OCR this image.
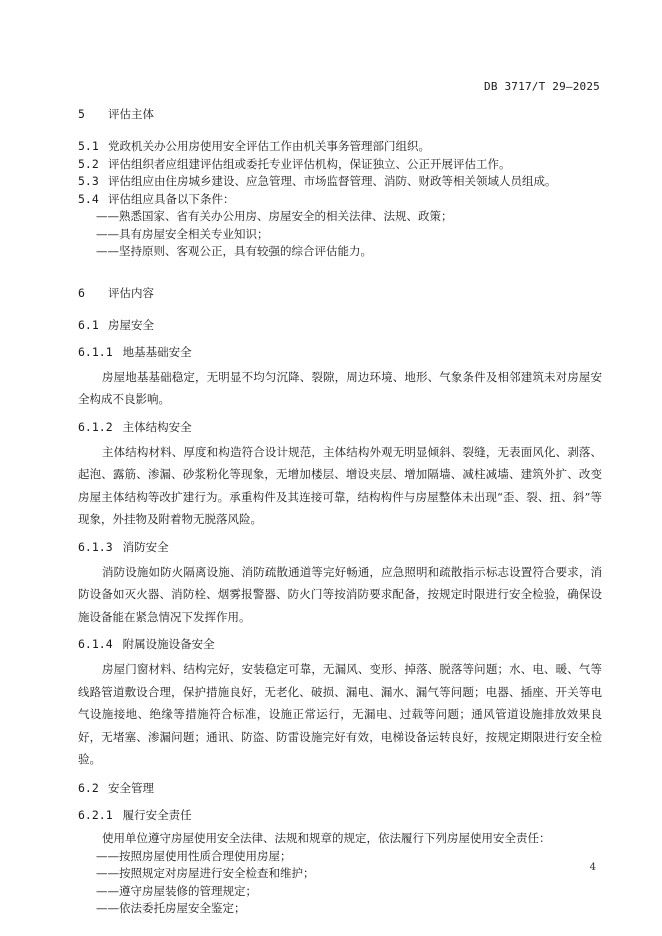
DB 3717/T 29—2025
5 评估主体
5.1 党政机关办公用房使用安全评估工作由机关事务管理部门组织。
5.2 评估组织者应组建评估组或委托专业评估机构，保证独立、公正开展评估工作。
5.3 评估组应由住房城乡建设、应急管理、市场监督管理、消防、财政等相关领域人员组成。
5.4 评估组应具备以下条件：
——熟悉国家、省有关办公用房、房屋安全的相关法律、法规、政策；
——具有房屋安全相关专业知识；
——坚持原则、客观公正，具有较强的综合评估能力。
6 评估内容
6.1 房屋安全
6.1.1 地基基础安全

房屋地基基础稳定，无明显不均匀沉降、裂隙，周边环境、地形、气象条件及相邻建筑未对房屋安全构成不良影响。

6.1.2 主体结构安全

主体结构材料、厚度和构造符合设计规范，主体结构外观无明显倾斜、裂缝，无表面风化、剥落、起泡、露筋、渗漏、砂浆粉化等现象，无增加楼层、增设夹层、增加隔墙、减柱减墙、建筑外扩、改变房屋主体结构等改扩建行为。承重构件及其连接可靠，结构构件与房屋整体未出现“歪、裂、扭、斜”等现象，外挂物及附着物无脱落风险。

6.1.3 消防安全

消防设施如防火隔离设施、消防疏散通道等完好畅通，应急照明和疏散指示标志设置符合要求，消防设备如灭火器、消防栓、烟雾报警器、防火门等按消防要求配备，按规定时限进行安全检验，确保设施设备能在紧急情况下发挥作用。

6.1.4 附属设施设备安全

房屋门窗材料、结构完好，安装稳定可靠，无漏风、变形、掉落、脱落等问题；水、电、暖、气等线路管道敷设合理，保护措施良好，无老化、破损、漏电、漏水、漏气等问题；电器、插座、开关等电气设施接地、绝缘等措施符合标准，设施正常运行，无漏电、过载等问题；通风管道设施排放效果良好，无堵塞、渗漏问题；通讯、防盗、防雷设施完好有效，电梯设备运转良好，按规定期限进行安全检验。

6.2 安全管理
6.2.1 履行安全责任

使用单位遵守房屋使用安全法律、法规和规章的规定，依法履行下列房屋使用安全责任：

——按照房屋使用性质合理使用房屋；
——按照规定对房屋进行安全检查和维护；
——遵守房屋装修的管理规定；
——依法委托房屋安全鉴定；
4
